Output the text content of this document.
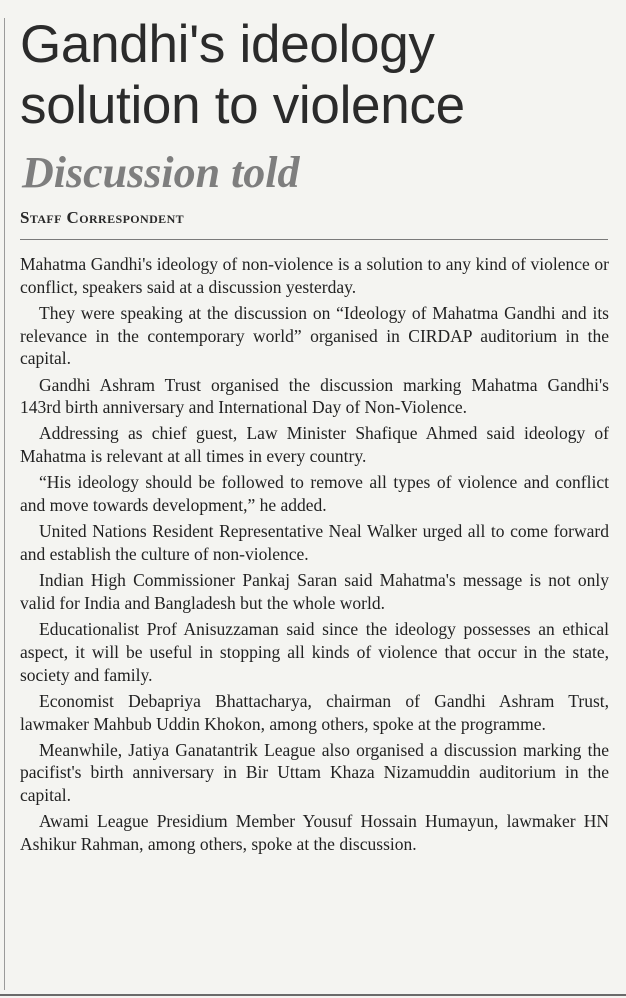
Gandhi's ideology solution to violence
Discussion told
Staff Correspondent

Mahatma Gandhi's ideology of non-violence is a solution to any kind of violence or conflict, speakers said at a discussion yesterday.

They were speaking at the discussion on “Ideology of Mahatma Gandhi and its relevance in the contemporary world” organised in CIRDAP auditorium in the capital.

Gandhi Ashram Trust organised the discussion marking Mahatma Gandhi's 143rd birth anniversary and International Day of Non-Violence.

Addressing as chief guest, Law Minister Shafique Ahmed said ideology of Mahatma is relevant at all times in every country.

“His ideology should be followed to remove all types of violence and conflict and move towards development,” he added.

United Nations Resident Representative Neal Walker urged all to come forward and establish the culture of non-violence.

Indian High Commissioner Pankaj Saran said Mahatma's message is not only valid for India and Bangladesh but the whole world.

Educationalist Prof Anisuzzaman said since the ideology possesses an ethical aspect, it will be useful in stopping all kinds of violence that occur in the state, society and family.

Economist Debapriya Bhattacharya, chairman of Gandhi Ashram Trust, lawmaker Mahbub Uddin Khokon, among others, spoke at the programme.

Meanwhile, Jatiya Ganatantrik League also organised a discussion marking the pacifist's birth anniversary in Bir Uttam Khaza Nizamuddin auditorium in the capital.

Awami League Presidium Member Yousuf Hossain Humayun, lawmaker HN Ashikur Rahman, among others, spoke at the discussion.
